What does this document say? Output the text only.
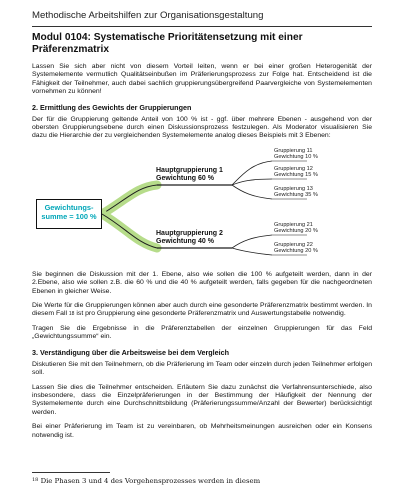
Methodische Arbeitshilfen zur Organisationsgestaltung
Modul 0104: Systematische Prioritätensetzung mit einer Präferenzmatrix

Lassen Sie sich aber nicht von diesem Vorteil leiten, wenn er bei einer großen Heterogenität der Systemelemente vermutlich Qualitätseinbußen im Präferierungsprozess zur Folge hat. Entscheidend ist die Fähigkeit der Teilnehmer, auch dabei sachlich gruppierungsübergreifend Paarvergleiche von Systemelementen vornehmen zu können!

2. Ermittlung des Gewichts der Gruppierungen

Der für die Gruppierung geltende Anteil von 100 % ist - ggf. über mehrere Ebenen - ausgehend von der obersten Gruppierungsebene durch einen Diskussionsprozess festzulegen. Als Moderator visualisieren Sie dazu die Hierarchie der zu vergleichenden Systemelemente analog dieses Beispiels mit 3 Ebenen:

Gewichtungs-summe = 100 %
Hauptgruppierung 1
Gewichtung 60 %
Hauptgruppierung 2
Gewichtung 40 %
Gruppierung 11
Gewichtung 10 %
Gruppierung 12
Gewichtung 15 %
Gruppierung 13
Gewichtung 35 %
Gruppierung 21
Gewichtung 20 %
Gruppierung 22
Gewichtung 20 %

Sie beginnen die Diskussion mit der 1. Ebene, also wie sollen die 100 % aufgeteilt werden, dann in der 2.Ebene, also wie sollen z.B. die 60 % und die 40 % aufgeteilt werden, falls gegeben für die nachgeordneten Ebenen in gleicher Weise.

Die Werte für die Gruppierungen können aber auch durch eine gesonderte Präferenzmatrix bestimmt werden. In diesem Fall $^{18}$ ist pro Gruppierung eine gesonderte Präferenzmatrix und Auswertungstabelle notwendig.

Tragen Sie die Ergebnisse in die Präferenztabellen der einzelnen Gruppierungen für das Feld „Gewichtungssumme“ ein.

3. Verständigung über die Arbeitsweise bei dem Vergleich

Diskutieren Sie mit den Teilnehmern, ob die Präferierung im Team oder einzeln durch jeden Teilnehmer erfolgen soll.

Lassen Sie dies die Teilnehmer entscheiden. Erläutern Sie dazu zunächst die Verfahrensunterschiede, also insbesondere, dass die Einzelpräferierungen in der Bestimmung der Häufigkeit der Nennung der Systemelemente durch eine Durchschnittsbildung (Präferierungssumme/Anzahl der Bewerter) berücksichtigt werden.

Bei einer Präferierung im Team ist zu vereinbaren, ob Mehrheitsmeinungen ausreichen oder ein Konsens notwendig ist.

$^{18}$ Die Phasen 3 und 4 des Vorgehensprozesses werden in diesem
